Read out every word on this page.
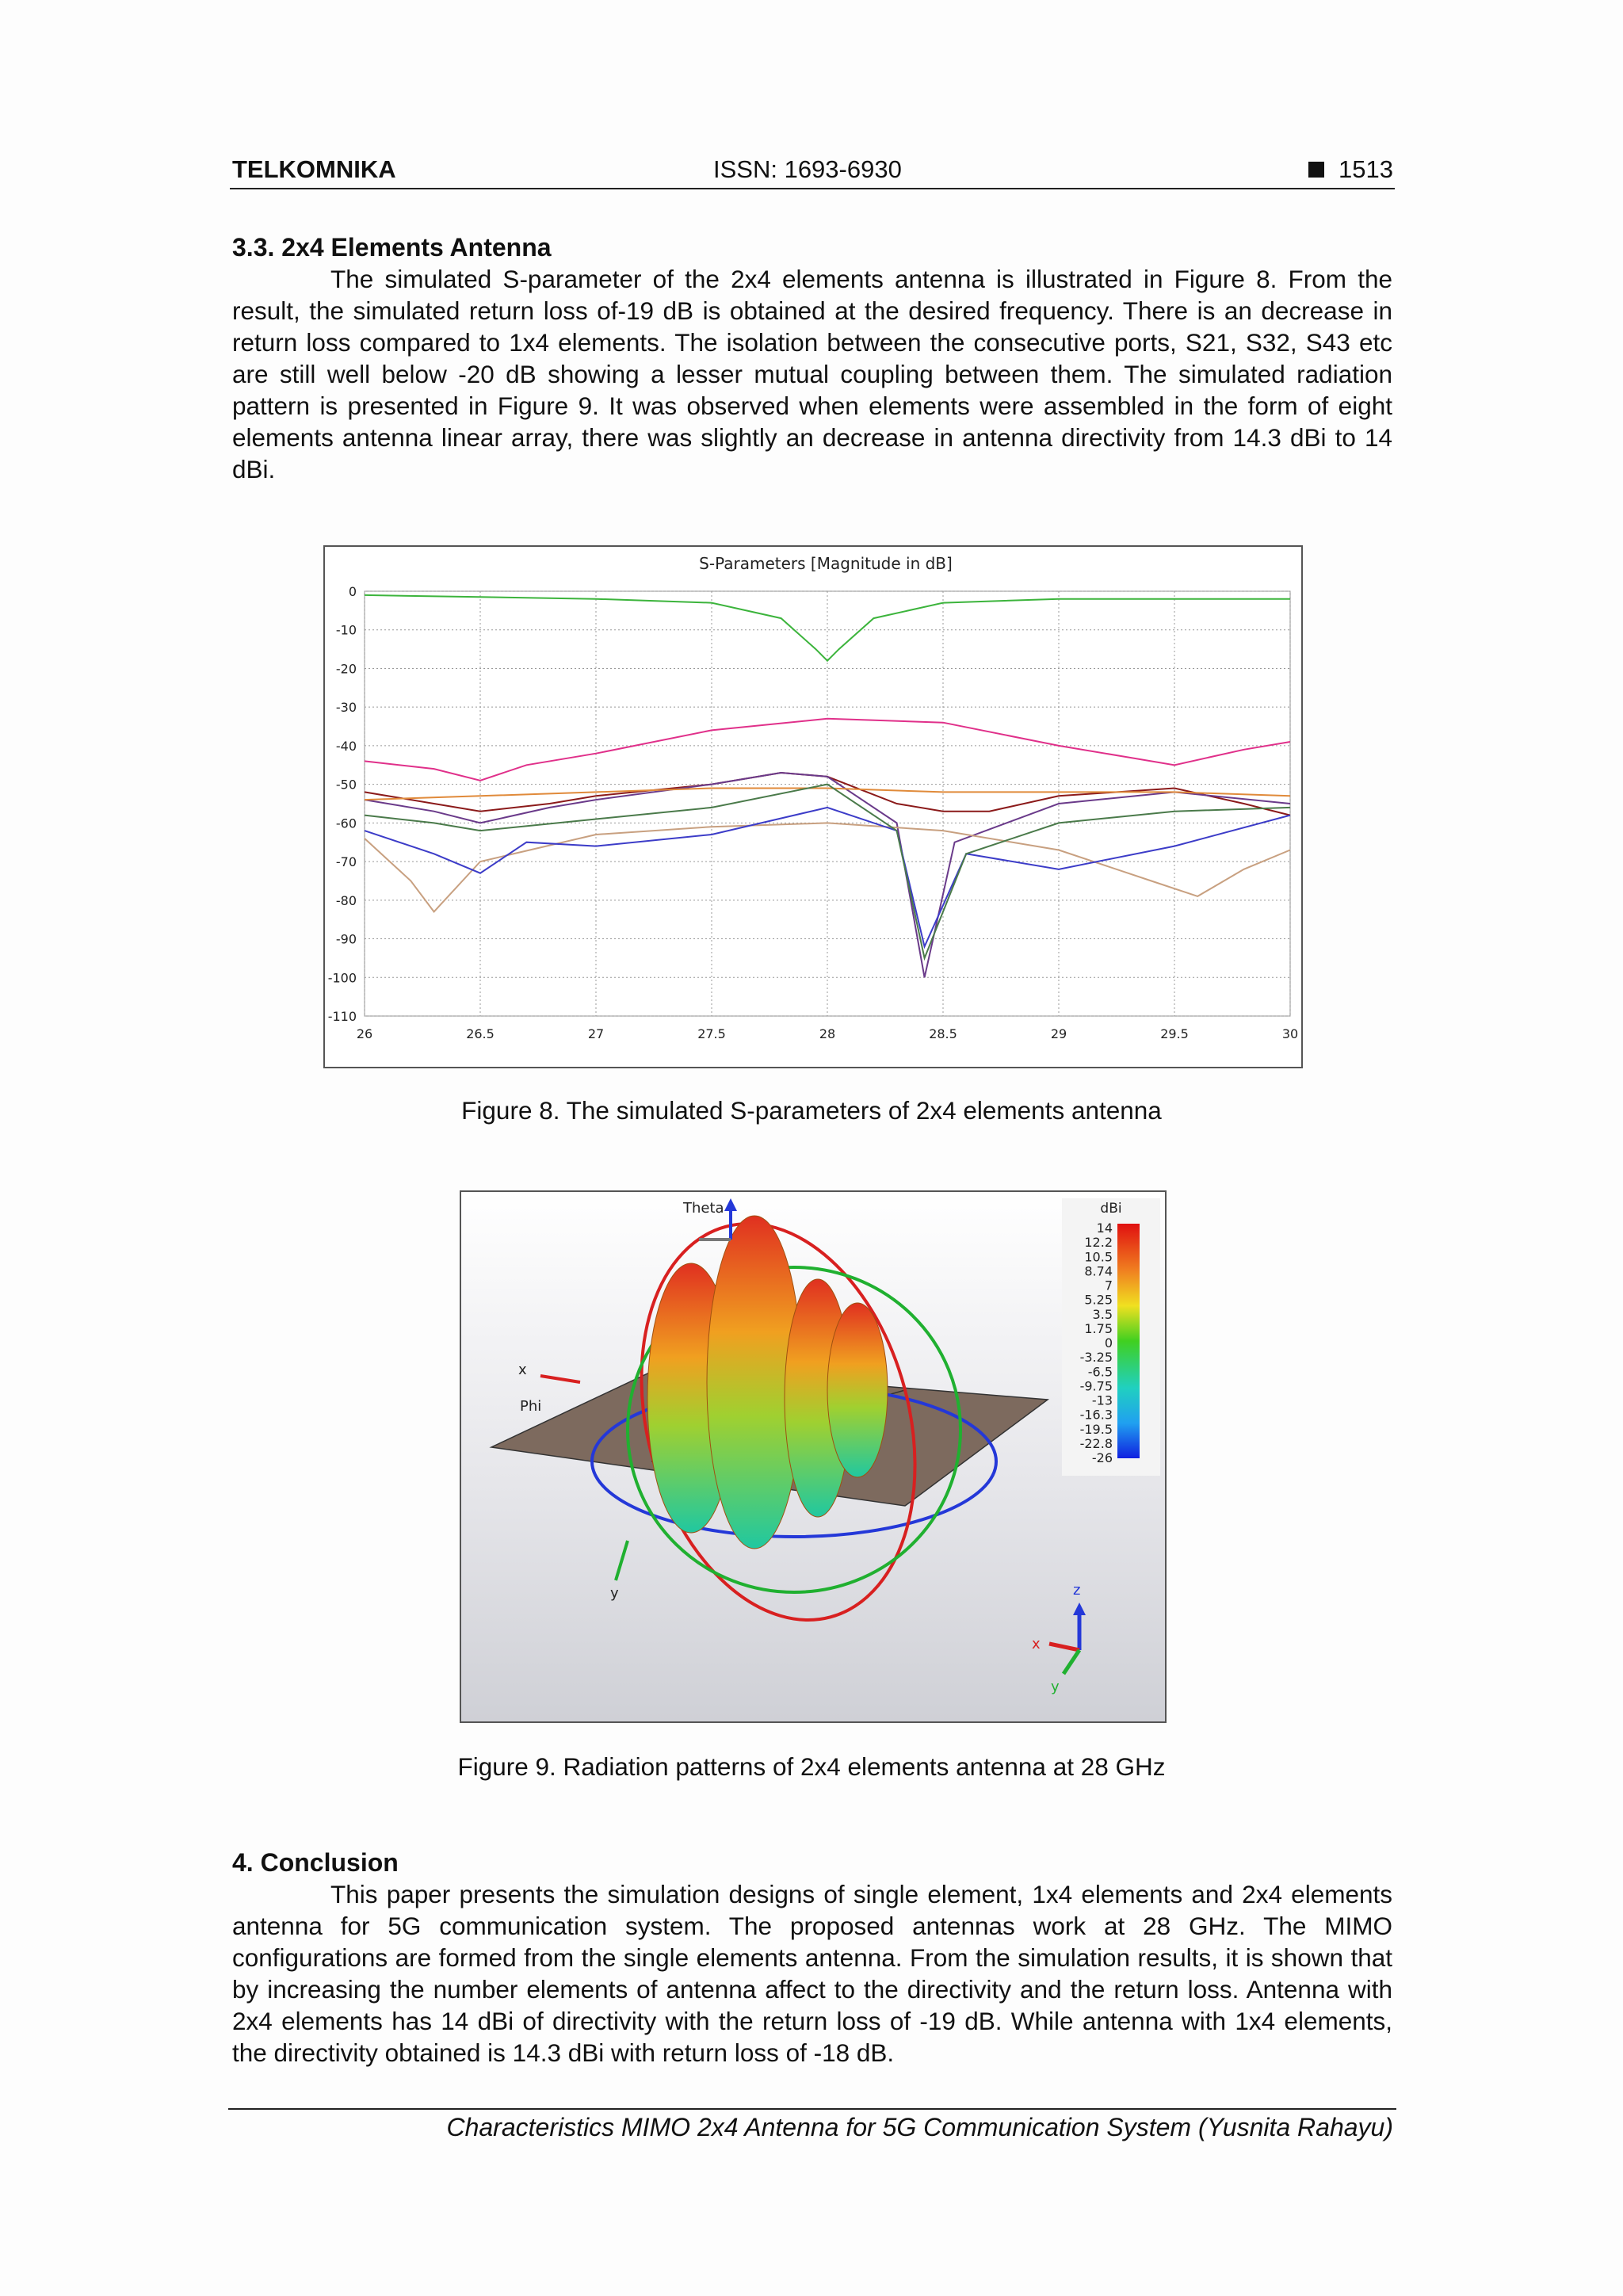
TELKOMNIKA	ISSN: 1693-6930	1513
3.3. 2x4 Elements Antenna
The simulated S-parameter of the 2x4 elements antenna is illustrated in Figure 8. From the result, the simulated return loss of-19 dB is obtained at the desired frequency. There is an decrease in return loss compared to 1x4 elements. The isolation between the consecutive ports, S21, S32, S43 etc are still well below -20 dB showing a lesser mutual coupling between them. The simulated radiation pattern is presented in Figure 9. It was observed when elements were assembled in the form of eight elements antenna linear array, there was slightly an decrease in antenna directivity from 14.3 dBi to 14 dBi.
S-Parameters [Magnitude in dB]
0
-10
-20
-30
-40
-50
-60
-70
-80
-90
-100
-110
26	26.5	27	27.5	28	28.5	29	29.5	30
Figure 8. The simulated S-parameters of 2x4 elements antenna
Theta
x
Phi
y
dBi
14
12.2
10.5
8.74
7
5.25
3.5
1.75
0
-3.25
-6.5
-9.75
-13
-16.3
-19.5
-22.8
-26
z
x
y
Figure 9. Radiation patterns of 2x4 elements antenna at 28 GHz
4. Conclusion
This paper presents the simulation designs of single element, 1x4 elements and 2x4 elements antenna for 5G communication system. The proposed antennas work at 28 GHz. The MIMO configurations are formed from the single elements antenna. From the simulation results, it is shown that by increasing the number elements of antenna affect to the directivity and the return loss. Antenna with 2x4 elements has 14 dBi of directivity with the return loss of -19 dB. While antenna with 1x4 elements, the directivity obtained is 14.3 dBi with return loss of -18 dB.
Characteristics MIMO 2x4 Antenna for 5G Communication System (Yusnita Rahayu)
